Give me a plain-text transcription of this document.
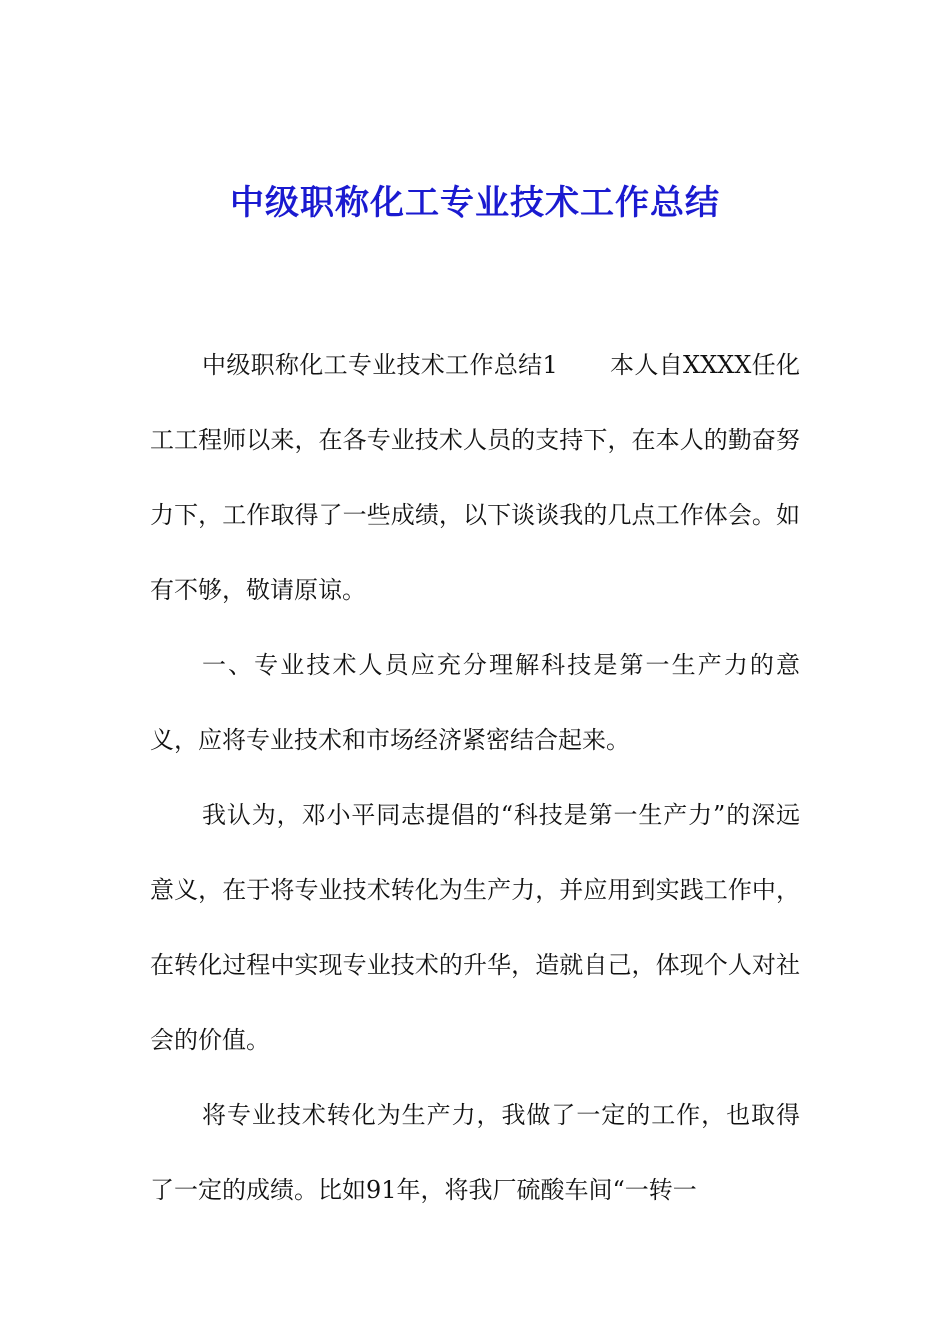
中级职称化工专业技术工作总结

中级职称化工专业技术工作总结1 本人自XXXX任化工工程师以来，在各专业技术人员的支持下，在本人的勤奋努力下，工作取得了一些成绩，以下谈谈我的几点工作体会。如有不够，敬请原谅。

一、专业技术人员应充分理解科技是第一生产力的意义，应将专业技术和市场经济紧密结合起来。

我认为，邓小平同志提倡的“科技是第一生产力”的深远意义，在于将专业技术转化为生产力，并应用到实践工作中，在转化过程中实现专业技术的升华，造就自己，体现个人对社会的价值。

将专业技术转化为生产力，我做了一定的工作，也取得了一定的成绩。比如91年，将我厂硫酸车间“一转一
